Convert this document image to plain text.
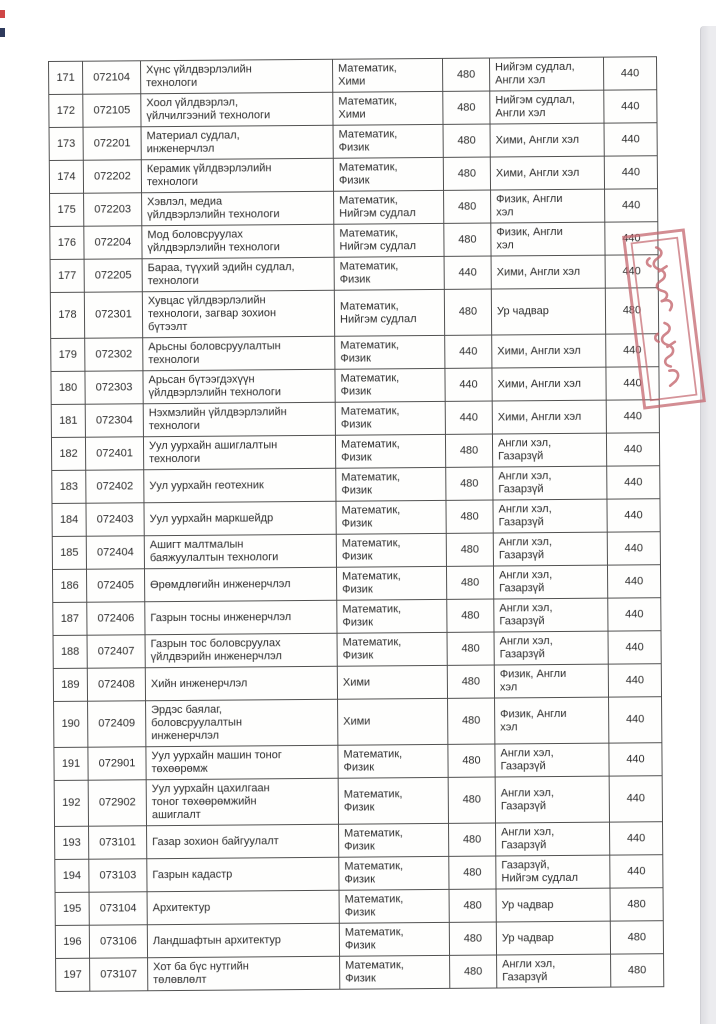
171	072104	Хүнс үйлдвэрлэлийн
технологи	Математик,
Хими	480	Нийгэм судлал,
Англи хэл	440
172	072105	Хоол үйлдвэрлэл,
үйлчилгээний технологи	Математик,
Хими	480	Нийгэм судлал,
Англи хэл	440
173	072201	Материал судлал,
инженерчлэл	Математик,
Физик	480	Хими, Англи хэл	440
174	072202	Керамик үйлдвэрлэлийн
технологи	Математик,
Физик	480	Хими, Англи хэл	440
175	072203	Хэвлэл, медиа
үйлдвэрлэлийн технологи	Математик,
Нийгэм судлал	480	Физик, Англи
хэл	440
176	072204	Мод боловсруулах
үйлдвэрлэлийн технологи	Математик,
Нийгэм судлал	480	Физик, Англи
хэл	440
177	072205	Бараа, түүхий эдийн судлал,
технологи	Математик,
Физик	440	Хими, Англи хэл	440
178	072301	Хувцас үйлдвэрлэлийн
технологи, загвар зохион
бүтээлт	Математик,
Нийгэм судлал	480	Ур чадвар	480
179	072302	Арьсны боловсруулалтын
технологи	Математик,
Физик	440	Хими, Англи хэл	440
180	072303	Арьсан бүтээгдэхүүн
үйлдвэрлэлийн технологи	Математик,
Физик	440	Хими, Англи хэл	440
181	072304	Нэхмэлийн үйлдвэрлэлийн
технологи	Математик,
Физик	440	Хими, Англи хэл	440
182	072401	Уул уурхайн ашиглалтын
технологи	Математик,
Физик	480	Англи хэл,
Газарзүй	440
183	072402	Уул уурхайн геотехник	Математик,
Физик	480	Англи хэл,
Газарзүй	440
184	072403	Уул уурхайн маркшейдр	Математик,
Физик	480	Англи хэл,
Газарзүй	440
185	072404	Ашигт малтмалын
баяжуулалтын технологи	Математик,
Физик	480	Англи хэл,
Газарзүй	440
186	072405	Өрөмдлөгийн инженерчлэл	Математик,
Физик	480	Англи хэл,
Газарзүй	440
187	072406	Газрын тосны инженерчлэл	Математик,
Физик	480	Англи хэл,
Газарзүй	440
188	072407	Газрын тос боловсруулах
үйлдвэрийн инженерчлэл	Математик,
Физик	480	Англи хэл,
Газарзүй	440
189	072408	Хийн инженерчлэл	Хими	480	Физик, Англи
хэл	440
190	072409	Эрдэс баялаг,
боловсруулалтын
инженерчлэл	Хими	480	Физик, Англи
хэл	440
191	072901	Уул уурхайн машин тоног
төхөөрөмж	Математик,
Физик	480	Англи хэл,
Газарзүй	440
192	072902	Уул уурхайн цахилгаан
тоног төхөөрөмжийн
ашиглалт	Математик,
Физик	480	Англи хэл,
Газарзүй	440
193	073101	Газар зохион байгуулалт	Математик,
Физик	480	Англи хэл,
Газарзүй	440
194	073103	Газрын кадастр	Математик,
Физик	480	Газарзүй,
Нийгэм судлал	440
195	073104	Архитектур	Математик,
Физик	480	Ур чадвар	480
196	073106	Ландшафтын архитектур	Математик,
Физик	480	Ур чадвар	480
197	073107	Хот ба бүс нутгийн
төлөвлөлт	Математик,
Физик	480	Англи хэл,
Газарзүй	480
